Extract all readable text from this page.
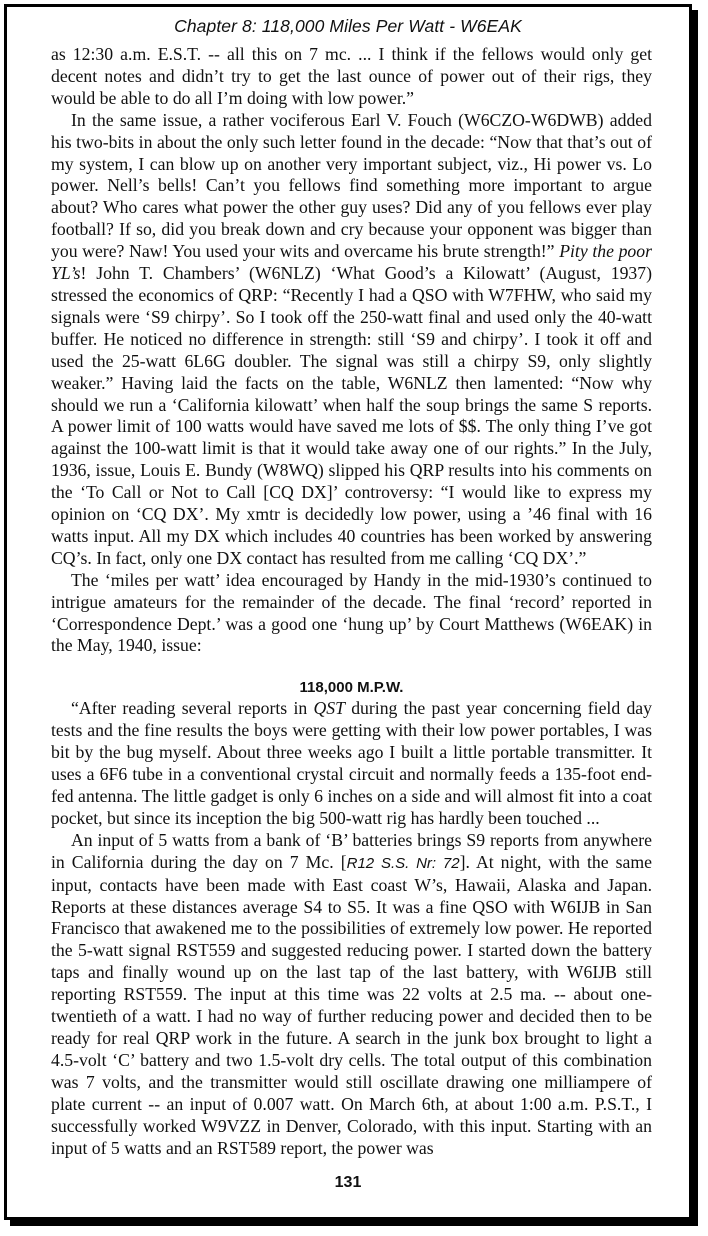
Chapter 8: 118,000 Miles Per Watt - W6EAK

as 12:30 a.m. E.S.T. -- all this on 7 mc. ... I think if the fellows would only get decent notes and didn’t try to get the last ounce of power out of their rigs, they would be able to do all I’m doing with low power.”

In the same issue, a rather vociferous Earl V. Fouch (W6CZO-W6DWB) added his two-bits in about the only such letter found in the decade: “Now that that’s out of my system, I can blow up on another very important subject, viz., Hi power vs. Lo power. Nell’s bells! Can’t you fellows find something more important to argue about? Who cares what power the other guy uses? Did any of you fellows ever play football? If so, did you break down and cry because your opponent was bigger than you were? Naw! You used your wits and overcame his brute strength!” Pity the poor YL’s! John T. Chambers’ (W6NLZ) ‘What Good’s a Kilowatt’ (August, 1937) stressed the economics of QRP: “Recently I had a QSO with W7FHW, who said my signals were ‘S9 chirpy’. So I took off the 250-watt final and used only the 40-watt buffer. He noticed no difference in strength: still ‘S9 and chirpy’. I took it off and used the 25-watt 6L6G doubler. The signal was still a chirpy S9, only slightly weaker.” Having laid the facts on the table, W6NLZ then lamented: “Now why should we run a ‘California kilowatt’ when half the soup brings the same S reports. A power limit of 100 watts would have saved me lots of $$. The only thing I’ve got against the 100-watt limit is that it would take away one of our rights.” In the July, 1936, issue, Louis E. Bundy (W8WQ) slipped his QRP results into his comments on the ‘To Call or Not to Call [CQ DX]’ controversy: “I would like to express my opinion on ‘CQ DX’. My xmtr is decidedly low power, using a ’46 final with 16 watts input. All my DX which includes 40 countries has been worked by answering CQ’s. In fact, only one DX contact has resulted from me calling ‘CQ DX’.”

The ‘miles per watt’ idea encouraged by Handy in the mid-1930’s continued to intrigue amateurs for the remainder of the decade. The final ‘record’ reported in ‘Correspondence Dept.’ was a good one ‘hung up’ by Court Matthews (W6EAK) in the May, 1940, issue:

118,000 M.P.W.

“After reading several reports in QST during the past year concerning field day tests and the fine results the boys were getting with their low power portables, I was bit by the bug myself. About three weeks ago I built a little portable transmitter. It uses a 6F6 tube in a conventional crystal circuit and normally feeds a 135-foot end-fed antenna. The little gadget is only 6 inches on a side and will almost fit into a coat pocket, but since its inception the big 500-watt rig has hardly been touched ...

An input of 5 watts from a bank of ‘B’ batteries brings S9 reports from anywhere in California during the day on 7 Mc. [R12 S.S. Nr: 72]. At night, with the same input, contacts have been made with East coast W’s, Hawaii, Alaska and Japan. Reports at these distances average S4 to S5. It was a fine QSO with W6IJB in San Francisco that awakened me to the possibilities of extremely low power. He reported the 5-watt signal RST559 and suggested reducing power. I started down the battery taps and finally wound up on the last tap of the last battery, with W6IJB still reporting RST559. The input at this time was 22 volts at 2.5 ma. -- about one-twentieth of a watt. I had no way of further reducing power and decided then to be ready for real QRP work in the future. A search in the junk box brought to light a 4.5-volt ‘C’ battery and two 1.5-volt dry cells. The total output of this combination was 7 volts, and the transmitter would still oscillate drawing one milliampere of plate current -- an input of 0.007 watt. On March 6th, at about 1:00 a.m. P.S.T., I successfully worked W9VZZ in Denver, Colorado, with this input. Starting with an input of 5 watts and an RST589 report, the power was

131
